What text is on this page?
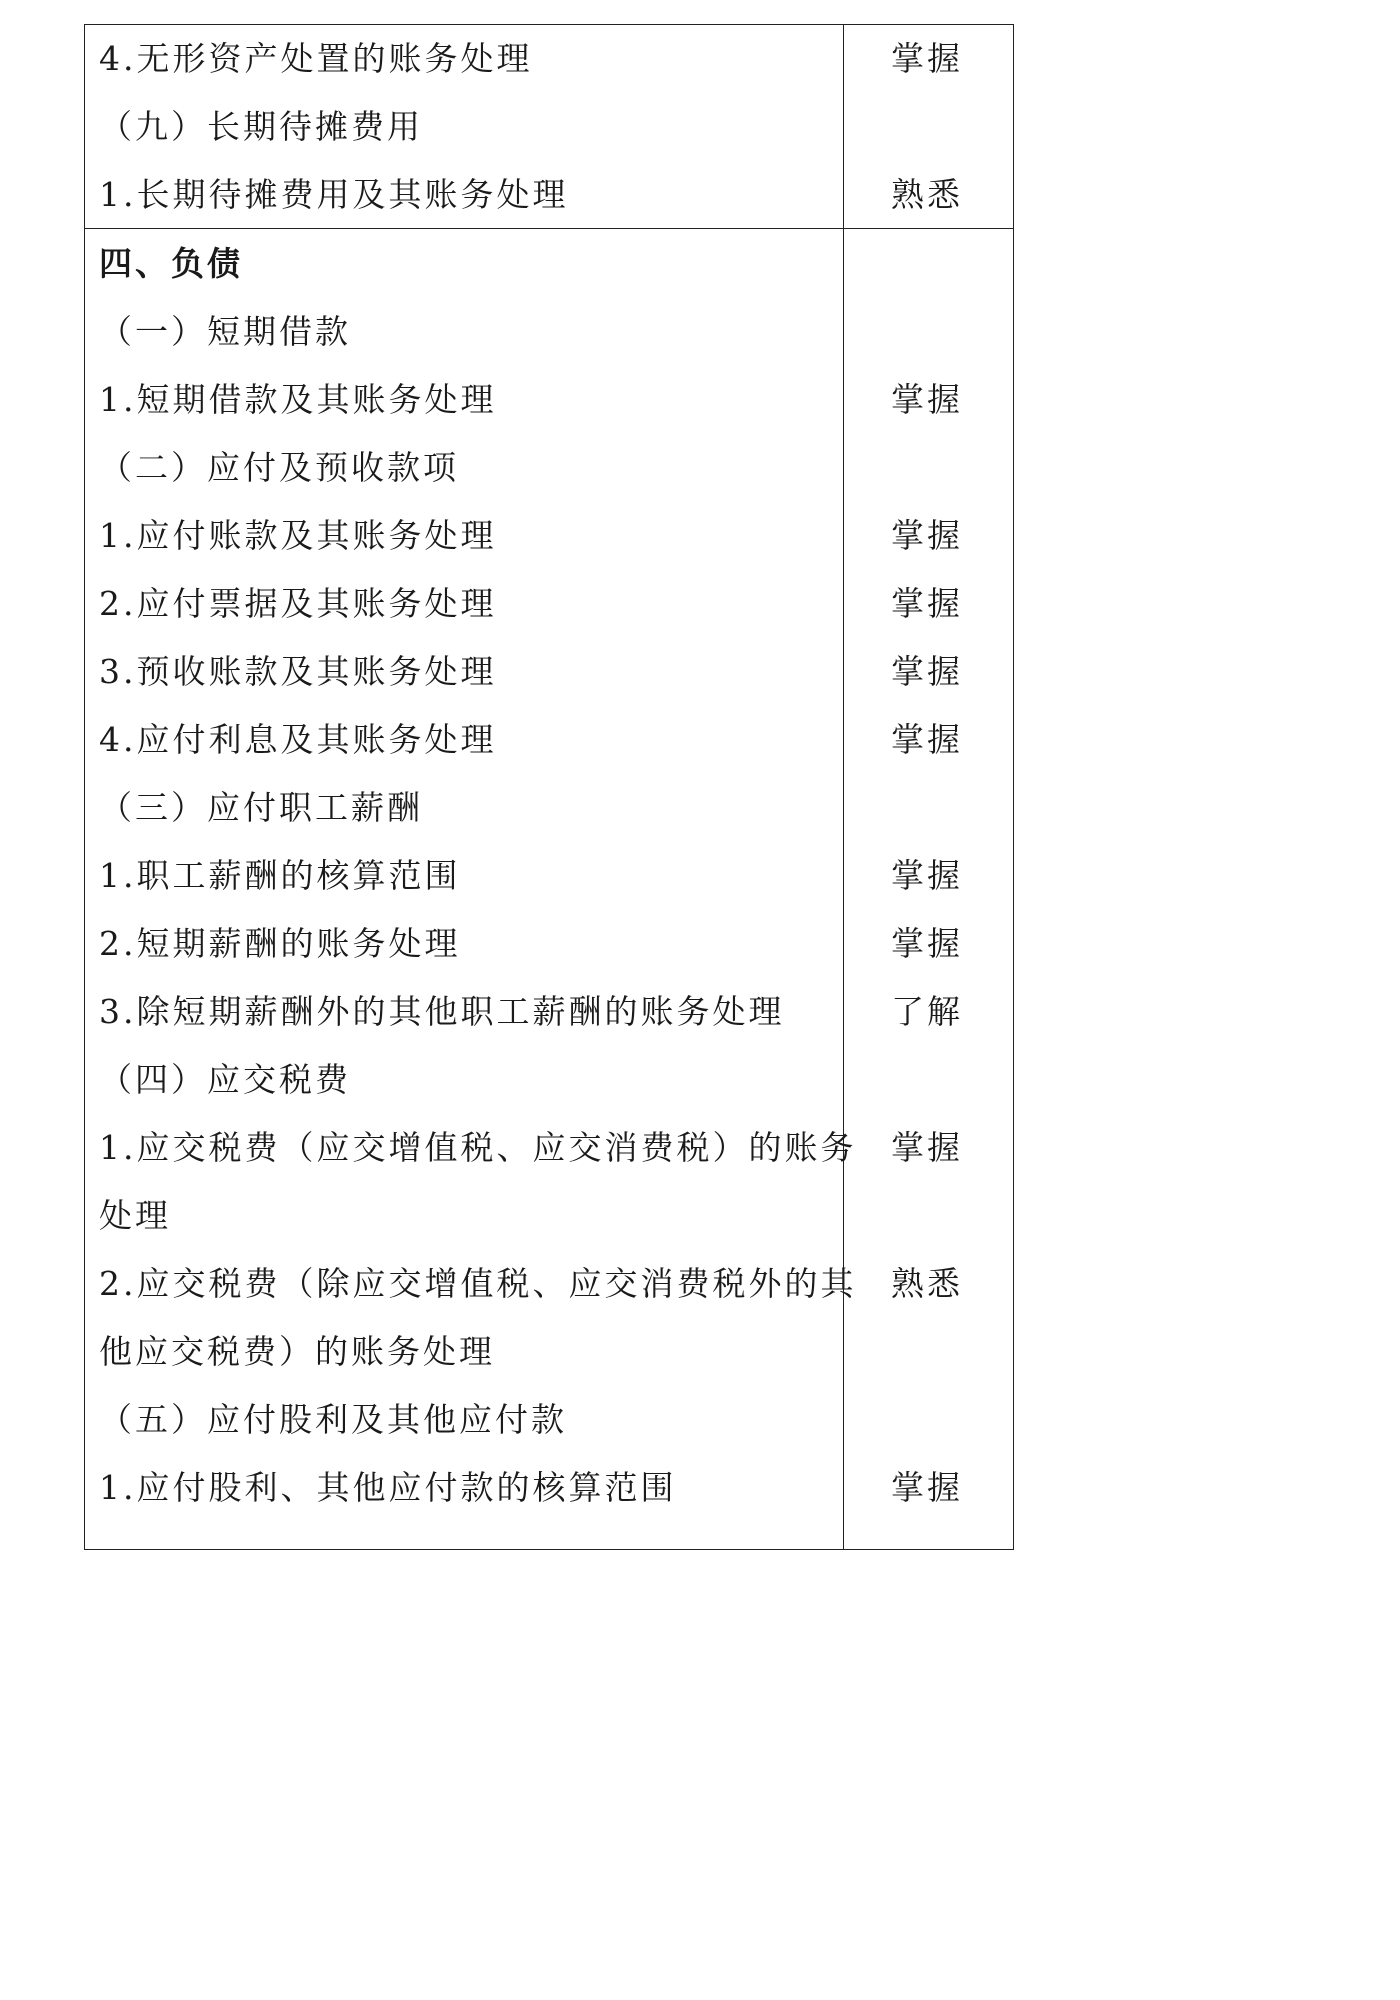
4.无形资产处置的账务处理	掌握
（九）长期待摊费用
1.长期待摊费用及其账务处理	熟悉
四、负债
（一）短期借款
1.短期借款及其账务处理	掌握
（二）应付及预收款项
1.应付账款及其账务处理	掌握
2.应付票据及其账务处理	掌握
3.预收账款及其账务处理	掌握
4.应付利息及其账务处理	掌握
（三）应付职工薪酬
1.职工薪酬的核算范围	掌握
2.短期薪酬的账务处理	掌握
3.除短期薪酬外的其他职工薪酬的账务处理	了解
（四）应交税费
1.应交税费（应交增值税、应交消费税）的账务	掌握
处理
2.应交税费（除应交增值税、应交消费税外的其	熟悉
他应交税费）的账务处理
（五）应付股利及其他应付款
1.应付股利、其他应付款的核算范围	掌握
